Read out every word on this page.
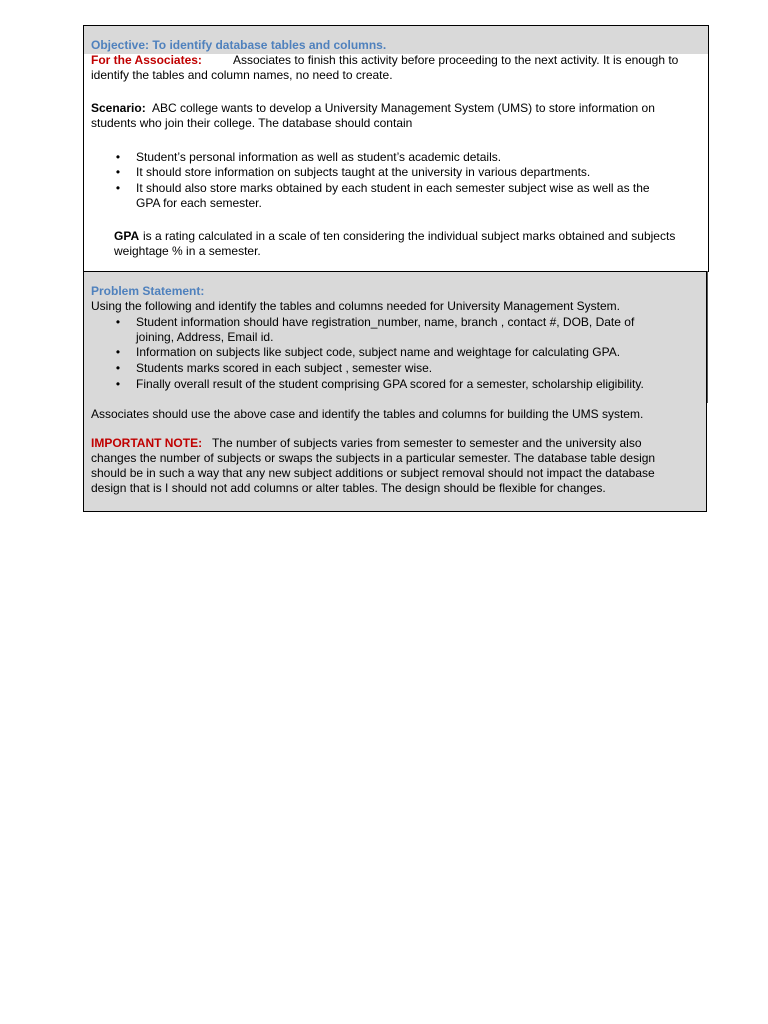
Objective: To identify database tables and columns.
For the Associates:	Associates to finish this activity before proceeding to the next activity. It is enough to
identify the tables and column names, no need to create.
Scenario: ABC college wants to develop a University Management System (UMS) to store information on
students who join their college. The database should contain
• Student’s personal information as well as student’s academic details.
• It should store information on subjects taught at the university in various departments.
• It should also store marks obtained by each student in each semester subject wise as well as the
GPA for each semester.
GPA is a rating calculated in a scale of ten considering the individual subject marks obtained and subjects
weightage % in a semester.
Problem Statement:
Using the following and identify the tables and columns needed for University Management System.
• Student information should have registration_number, name, branch , contact #, DOB, Date of
joining, Address, Email id.
• Information on subjects like subject code, subject name and weightage for calculating GPA.
• Students marks scored in each subject , semester wise.
• Finally overall result of the student comprising GPA scored for a semester, scholarship eligibility.
Associates should use the above case and identify the tables and columns for building the UMS system.
IMPORTANT NOTE: The number of subjects varies from semester to semester and the university also
changes the number of subjects or swaps the subjects in a particular semester. The database table design
should be in such a way that any new subject additions or subject removal should not impact the database
design that is I should not add columns or alter tables. The design should be flexible for changes.
